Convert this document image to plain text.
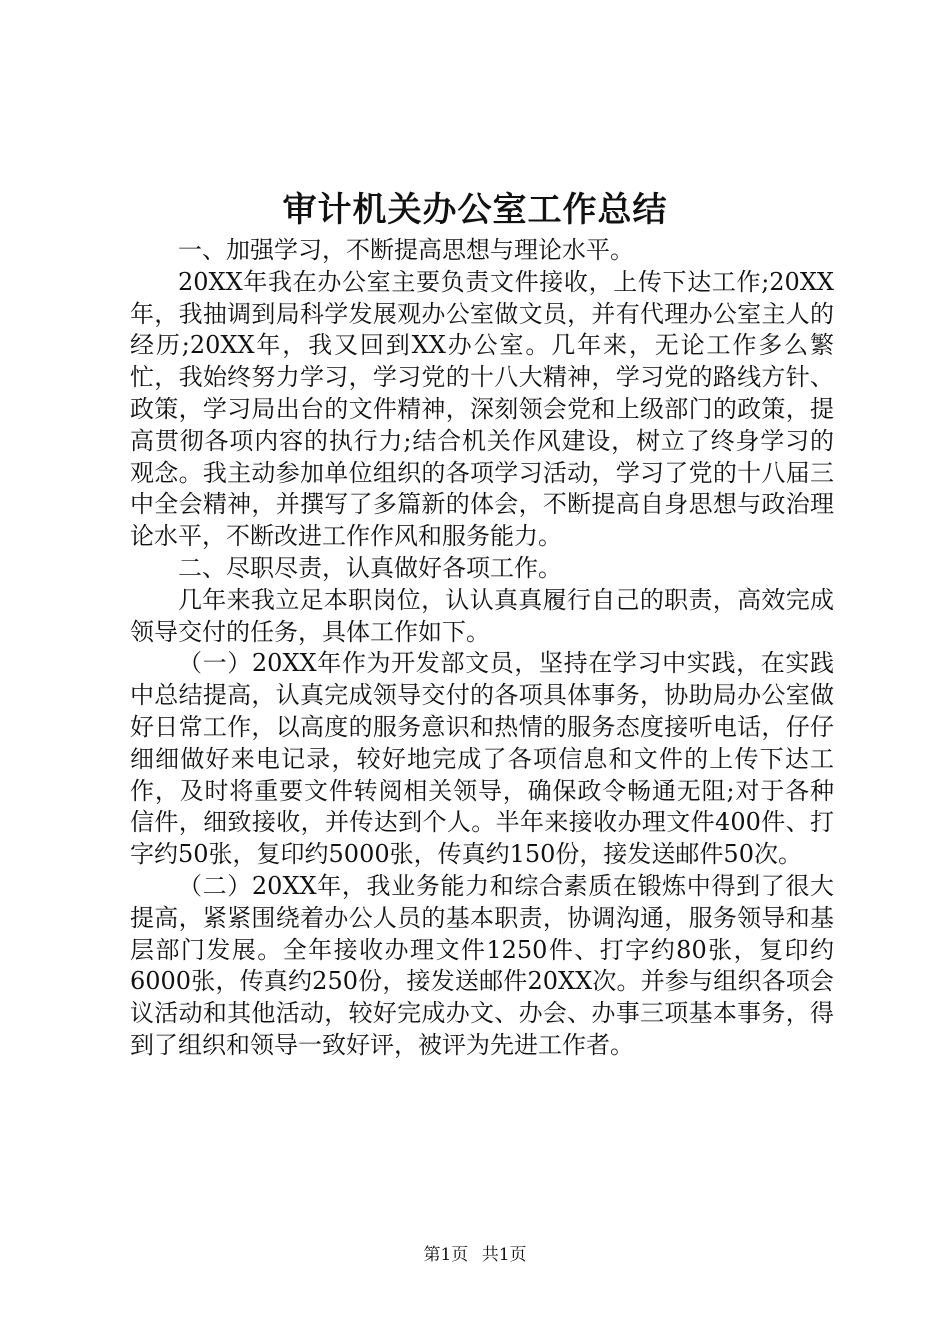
审计机关办公室工作总结

一、加强学习，不断提高思想与理论水平。

20XX年我在办公室主要负责文件接收，上传下达工作;20XX年，我抽调到局科学发展观办公室做文员，并有代理办公室主人的经历;20XX年，我又回到XX办公室。几年来，无论工作多么繁忙，我始终努力学习，学习党的十八大精神，学习党的路线方针、政策，学习局出台的文件精神，深刻领会党和上级部门的政策，提高贯彻各项内容的执行力;结合机关作风建设，树立了终身学习的观念。我主动参加单位组织的各项学习活动，学习了党的十八届三中全会精神，并撰写了多篇新的体会，不断提高自身思想与政治理论水平，不断改进工作作风和服务能力。

二、尽职尽责，认真做好各项工作。

几年来我立足本职岗位，认认真真履行自己的职责，高效完成领导交付的任务，具体工作如下。

（一）20XX年作为开发部文员，坚持在学习中实践，在实践中总结提高，认真完成领导交付的各项具体事务，协助局办公室做好日常工作，以高度的服务意识和热情的服务态度接听电话，仔仔细细做好来电记录，较好地完成了各项信息和文件的上传下达工作，及时将重要文件转阅相关领导，确保政令畅通无阻;对于各种信件，细致接收，并传达到个人。半年来接收办理文件400件、打字约50张，复印约5000张，传真约150份，接发送邮件50次。

（二）20XX年，我业务能力和综合素质在锻炼中得到了很大提高，紧紧围绕着办公人员的基本职责，协调沟通，服务领导和基层部门发展。全年接收办理文件1250件、打字约80张，复印约6000张，传真约250份，接发送邮件20XX次。并参与组织各项会议活动和其他活动，较好完成办文、办会、办事三项基本事务，得到了组织和领导一致好评，被评为先进工作者。

第1页 共1页
